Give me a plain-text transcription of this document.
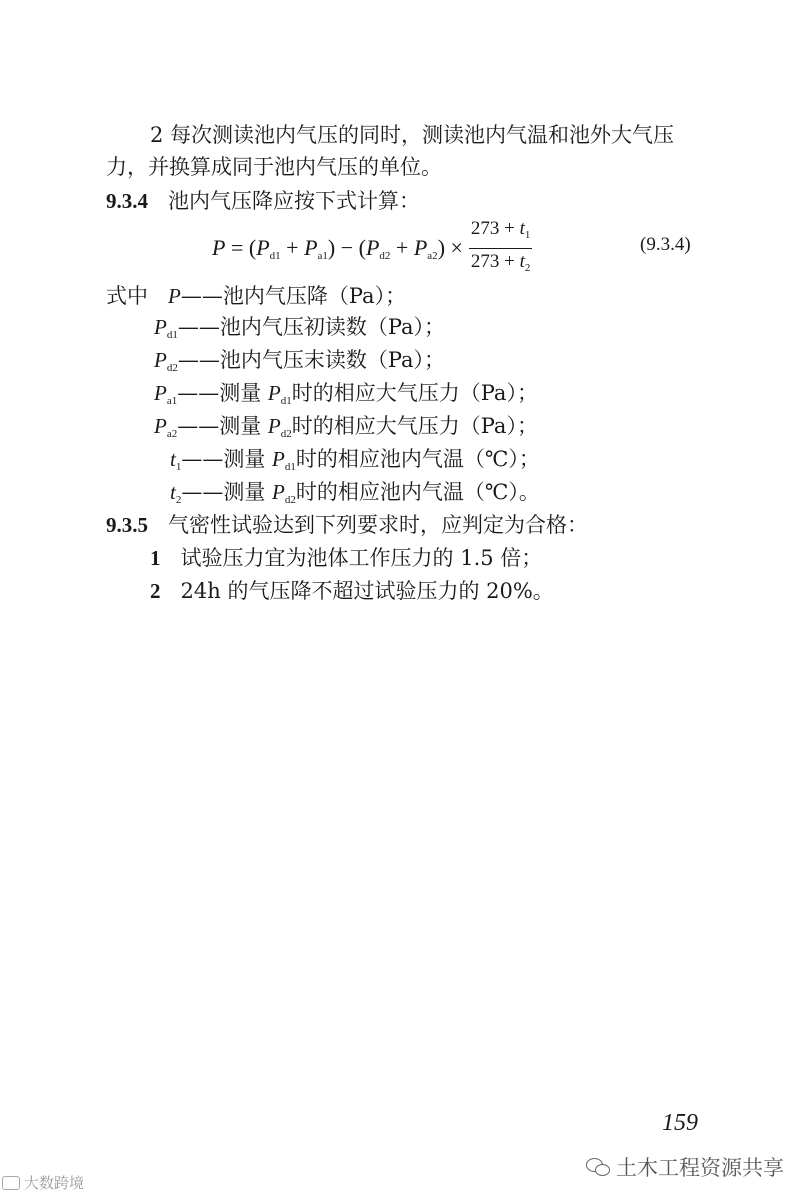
2 每次测读池内气压的同时，测读池内气温和池外大气压
力，并换算成同于池内气压的单位。
9.3.4 池内气压降应按下式计算：
P = ( $P_{d1} + P_{a1}$ ) − ( $P_{d2} + P_{a2}$ ) × $\frac{273 + t_1}{273 + t_2}$	(9.3.4)
式中 P——池内气压降（Pa）；
$P_{d1}——$池内气压初读数（Pa）；
$P_{d2}——$池内气压末读数（Pa）；
$P_{a1}——$测量 $P_{d1}$时的相应大气压力（Pa）；
$P_{a2}——$测量 $P_{d2}$时的相应大气压力（Pa）；
$t_1——$测量 $P_{d1}$时的相应池内气温（℃）；
$t_2——$测量 $P_{d2}$时的相应池内气温（℃）。
9.3.5 气密性试验达到下列要求时，应判定为合格：
1 试验压力宜为池体工作压力的 1.5 倍；
2 24h 的气压降不超过试验压力的 20%。
159
大数跨境
土木工程资源共享
